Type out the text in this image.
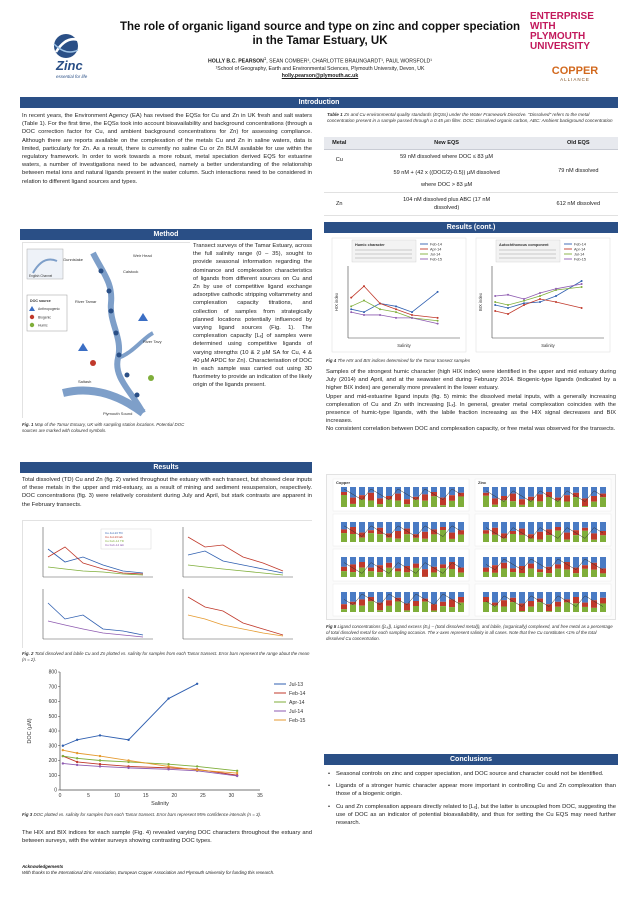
Zinc
essential for life
The role of organic ligand source and type on zinc and copper speciation in the Tamar Estuary, UK
HOLLY B.C. PEARSON$^1$, SEAN COMBER¹, CHARLOTTE BRAUNGARDT¹, PAUL WORSFOLD¹
¹School of Geography, Earth and Environmental Sciences, Plymouth University, Devon, UK
holly.pearson@plymouth.ac.uk
ENTERPRISE
WITH
PLYMOUTH
UNIVERSITY
COPPER
ALLIANCE
Introduction
In recent years, the Environment Agency (EA) has revised the EQSs for Cu and Zn in UK fresh and salt waters (Table 1). For the first time, the EQSs took into account bioavailability and background concentrations (through a DOC correction factor for Cu, and ambient background concentrations for Zn) for assessing compliance. Although there are reports available on the complexation of the metals Cu and Zn in saline waters, data is limited, particularly for Zn. As a result, there is currently no saline Cu or Zn BLM available for use within the regulatory framework. In order to work towards a more robust, metal speciation derived EQS for estuarine waters, a number of investigations need to be advanced, namely a better understanding of the relationship between metal ions and natural ligands present in the water column. Such interactions need to be considered in relation to different ligand sources and types.
Table 1 Zn and Cu environmental quality standards (EQSs) under the Water Framework Directive. "Dissolved" refers to the metal concentration present in a sample passed through a 0.45 µm filter. DOC: Dissolved organic carbon, ABC: Ambient background concentration
Metal	New EQS	Old EQS
Cu	59 nM dissolved where DOC ≤ 83 µM
59 nM + (42 x ((DOC/2)-0.5)) µM dissolved
where DOC > 83 µM	79 nM dissolved
Zn	104 nM dissolved plus ABC (17 nM
dissolved)	612 nM dissolved
Method
Calstock
Weir Head
Gunnislake
River Tamar
River Tavy
Plymouth Sound
Saltash
English Channel
DOC source
Anthropogenic
Biogenic
Humic
Fig. 1 Map of the Tamar Estuary, UK with sampling station locations. Potential DOC sources are marked with coloured symbols.
Transect surveys of the Tamar Estuary, across the full salinity range (0 – 35), sought to provide seasonal information regarding the dominance and complexation characteristics of ligands from different sources on Cu and Zn by use of competitive ligand exchange adsorptive cathodic stripping voltammetry and complexation capacity titrations, and collection of samples from strategically planned locations potentially influenced by varying ligand sources (Fig. 1). The complexation capacity [Lₓ] of samples were determined using competitive ligands of varying strengths (10 & 2 µM SA for Cu, 4 & 40 µM APDC for Zn). Characterisation of DOC in each sample was carried out using 3D fluorimetry to provide an indication of the likely origin of the ligands present.
Results
Total dissolved (TD) Cu and Zn (fig. 2) varied throughout the estuary with each transect, but showed clear inputs of these metals in the upper and mid-estuary, as a result of mining and sediment resuspension, respectively. DOC concentrations (fig. 3) were relatively consistent during July and April, but stark contrasts are apparent in the February transects.
Cu Jul-13 TD
Cu Jul-13 lab
Cu Feb-14 TD
Cu Feb-14 lab
Fig. 2 Total dissolved and labile Cu and Zn plotted vs. salinity for samples from each Tamar transect. Error bars represent the range about the mean (n = 2).
0
100
200
300
400
500
600
700
800
0	5	10	15	20	25	30	35
DOC (µM)
Salinity
Jul-13
Feb-14
Apr-14
Jul-14
Feb-15
Fig 3 DOC plotted vs. salinity for samples from each Tamar transect. Error bars represent 95% confidence intervals (n = 3).
The HIX and BIX indices for each sample (Fig. 4) revealed varying DOC characters throughout the estuary and between surveys, with the winter surveys showing contrasting DOC types.
Acknowledgements
With thanks to the International Zinc Association, European Copper Association and Plymouth University for funding this research.
Results (cont.)
Humic character
HIX index
Salinity
Feb-14
Apr-14
Jul-14
Feb-15
Autochthonous component
BIX index
Salinity
Feb-14
Apr-14
Jul-14
Feb-15
Fig 4 The HIX and BIX indices determined for the Tamar transect samples
Samples of the strongest humic character (high HIX index) were identified in the upper and mid estuary during July (2014) and April, and at the seawater end during February 2014. Biogenic-type ligands (indicated by a higher BIX index) are generally more prevalent in the lower estuary.
Upper and mid-estuarine ligand inputs (fig. 5) mimic the dissolved metal inputs, with a generally increasing complexation of Cu and Zn with increasing [Lₓ]. In general, greater metal complexation coincides with the presence of humic-type ligands, with the labile fraction increasing as the HIX signal decreases and BIX increases.
No consistent correlation between DOC and complexation capacity, or free metal was observed for the transects.
Copper	Zinc
Fig 5 Ligand concentrations ([Lₓ]), Ligand excess (Eₓ) – (total dissolved metal)), and labile, (organically) complexed, and free metal as a percentage of total dissolved metal for each sampling occasion. The x-axes represent salinity in all cases. Note that free Cu constitutes <1% of the total dissolved Cu concentration.
Conclusions
• Seasonal controls on zinc and copper speciation, and DOC source and character could not be identified.
• Ligands of a stronger humic character appear more important in controlling Cu and Zn complexation than those of a biogenic origin.
• Cu and Zn complexation appears directly related to [Lₓ], but the latter is uncoupled from DOC, suggesting the use of DOC as an indicator of potential bioavailability, and thus for setting the Cu EQS may need further research.
